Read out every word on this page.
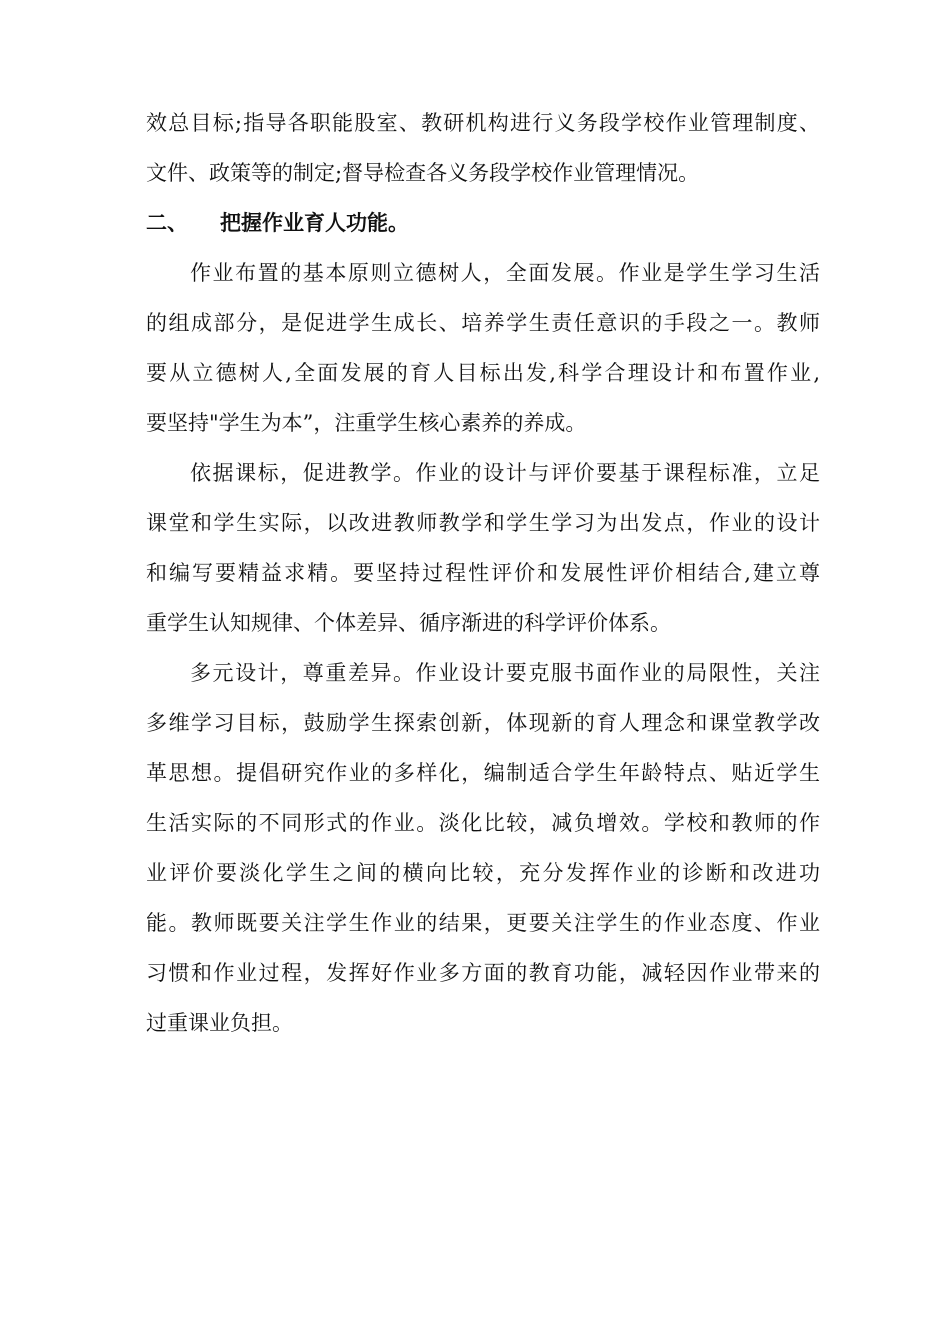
效总目标;指导各职能股室、教研机构进行义务段学校作业管理制度、
文件、政策等的制定;督导检查各义务段学校作业管理情况。
二、 把握作业育人功能。
作业布置的基本原则立德树人，全面发展。作业是学生学习生活
的组成部分，是促进学生成长、培养学生责任意识的手段之一。教师
要从立德树人,全面发展的育人目标出发,科学合理设计和布置作业,
要坚持"学生为本”，注重学生核心素养的养成。
依据课标，促进教学。作业的设计与评价要基于课程标准，立足
课堂和学生实际，以改进教师教学和学生学习为出发点，作业的设计
和编写要精益求精。要坚持过程性评价和发展性评价相结合,建立尊
重学生认知规律、个体差异、循序渐进的科学评价体系。
多元设计，尊重差异。作业设计要克服书面作业的局限性，关注
多维学习目标，鼓励学生探索创新，体现新的育人理念和课堂教学改
革思想。提倡研究作业的多样化，编制适合学生年龄特点、贴近学生
生活实际的不同形式的作业。淡化比较，减负增效。学校和教师的作
业评价要淡化学生之间的横向比较，充分发挥作业的诊断和改进功
能。教师既要关注学生作业的结果，更要关注学生的作业态度、作业
习惯和作业过程，发挥好作业多方面的教育功能，减轻因作业带来的
过重课业负担。
